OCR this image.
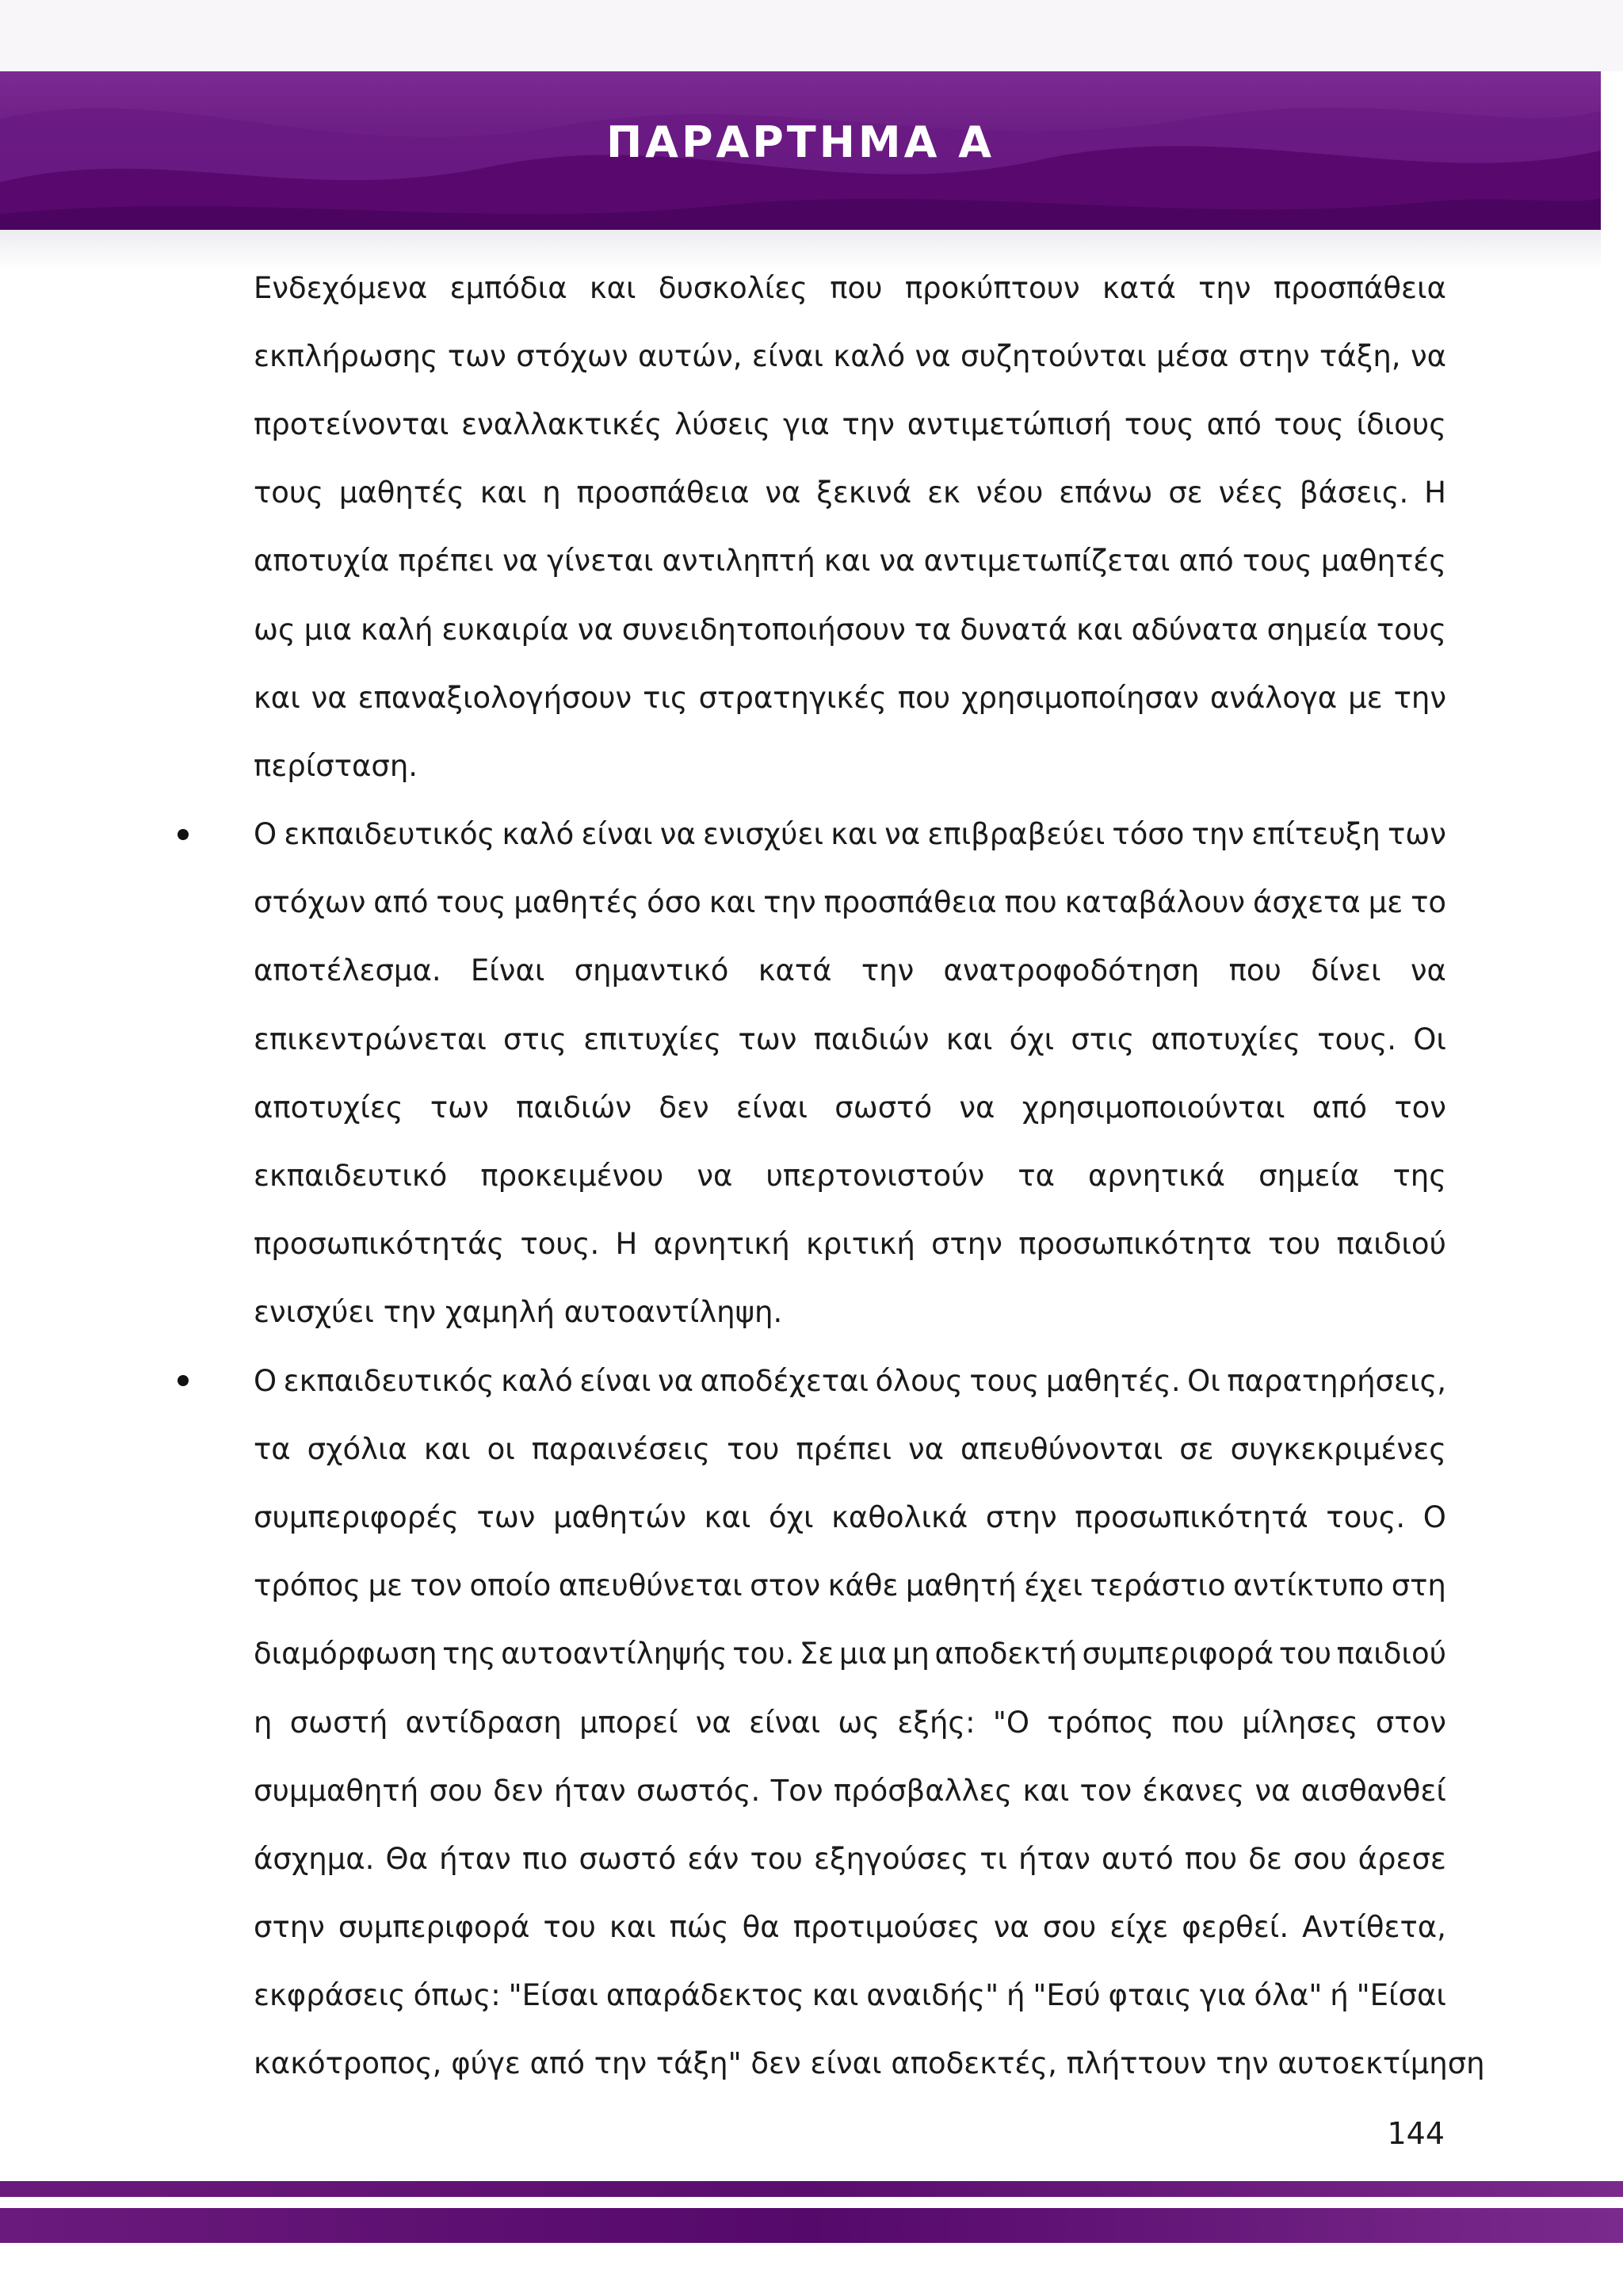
ΠΑΡΑΡΤΗΜΑ Α
Ενδεχόμενα εμπόδια και δυσκολίες που προκύπτουν κατά την προσπάθεια
εκπλήρωσης των στόχων αυτών, είναι καλό να συζητούνται μέσα στην τάξη, να
προτείνονται εναλλακτικές λύσεις για την αντιμετώπισή τους από τους ίδιους
τους μαθητές και η προσπάθεια να ξεκινά εκ νέου επάνω σε νέες βάσεις. Η
αποτυχία πρέπει να γίνεται αντιληπτή και να αντιμετωπίζεται από τους μαθητές
ως μια καλή ευκαιρία να συνειδητοποιήσουν τα δυνατά και αδύνατα σημεία τους
και να επαναξιολογήσουν τις στρατηγικές που χρησιμοποίησαν ανάλογα με την
περίσταση.
Ο εκπαιδευτικός καλό είναι να ενισχύει και να επιβραβεύει τόσο την επίτευξη των
στόχων από τους μαθητές όσο και την προσπάθεια που καταβάλουν άσχετα με το
αποτέλεσμα. Είναι σημαντικό κατά την ανατροφοδότηση που δίνει να
επικεντρώνεται στις επιτυχίες των παιδιών και όχι στις αποτυχίες τους. Οι
αποτυχίες των παιδιών δεν είναι σωστό να χρησιμοποιούνται από τον
εκπαιδευτικό προκειμένου να υπερτονιστούν τα αρνητικά σημεία της
προσωπικότητάς τους. Η αρνητική κριτική στην προσωπικότητα του παιδιού
ενισχύει την χαμηλή αυτοαντίληψη.
Ο εκπαιδευτικός καλό είναι να αποδέχεται όλους τους μαθητές. Οι παρατηρήσεις,
τα σχόλια και οι παραινέσεις του πρέπει να απευθύνονται σε συγκεκριμένες
συμπεριφορές των μαθητών και όχι καθολικά στην προσωπικότητά τους. Ο
τρόπος με τον οποίο απευθύνεται στον κάθε μαθητή έχει τεράστιο αντίκτυπο στη
διαμόρφωση της αυτοαντίληψής του. Σε μια μη αποδεκτή συμπεριφορά του παιδιού
η σωστή αντίδραση μπορεί να είναι ως εξής: "Ο τρόπος που μίλησες στον
συμμαθητή σου δεν ήταν σωστός. Τον πρόσβαλλες και τον έκανες να αισθανθεί
άσχημα. Θα ήταν πιο σωστό εάν του εξηγούσες τι ήταν αυτό που δε σου άρεσε
στην συμπεριφορά του και πώς θα προτιμούσες να σου είχε φερθεί. Αντίθετα,
εκφράσεις όπως: "Είσαι απαράδεκτος και αναιδής" ή "Εσύ φταις για όλα" ή "Είσαι
κακότροπος, φύγε από την τάξη" δεν είναι αποδεκτές, πλήττουν την αυτοεκτίμηση
144
